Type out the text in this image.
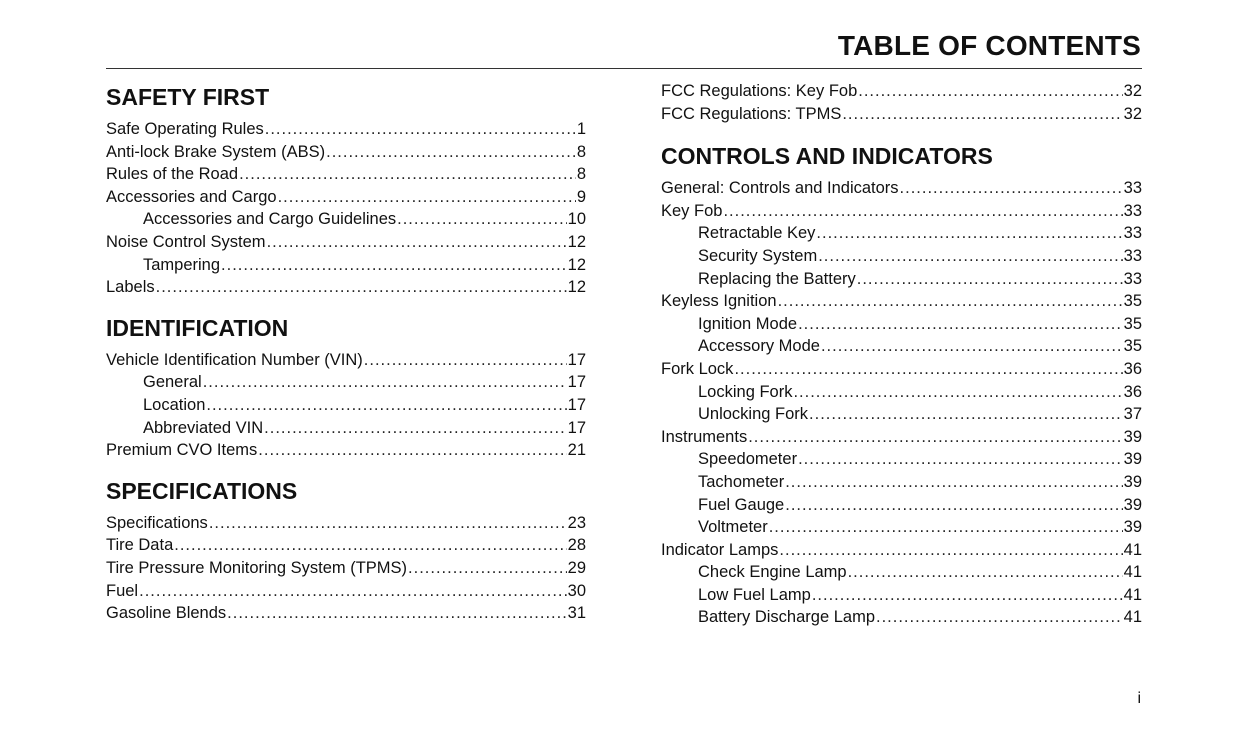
TABLE OF CONTENTS
SAFETY FIRST
Safe Operating Rules .....	1
Anti-lock Brake System (ABS) .....	8
Rules of the Road .....	8
Accessories and Cargo .....	9
Accessories and Cargo Guidelines .....	10
Noise Control System .....	12
Tampering .....	12
Labels .....	12
IDENTIFICATION
Vehicle Identification Number (VIN) .....	17
General .....	17
Location .....	17
Abbreviated VIN .....	17
Premium CVO Items .....	21
SPECIFICATIONS
Specifications .....	23
Tire Data .....	28
Tire Pressure Monitoring System (TPMS) .....	29
Fuel .....	30
Gasoline Blends .....	31
FCC Regulations: Key Fob .....	32
FCC Regulations: TPMS .....	32
CONTROLS AND INDICATORS
General: Controls and Indicators .....	33
Key Fob .....	33
Retractable Key .....	33
Security System .....	33
Replacing the Battery .....	33
Keyless Ignition .....	35
Ignition Mode .....	35
Accessory Mode .....	35
Fork Lock .....	36
Locking Fork .....	36
Unlocking Fork .....	37
Instruments .....	39
Speedometer .....	39
Tachometer .....	39
Fuel Gauge .....	39
Voltmeter .....	39
Indicator Lamps .....	41
Check Engine Lamp .....	41
Low Fuel Lamp .....	41
Battery Discharge Lamp .....	41
i
